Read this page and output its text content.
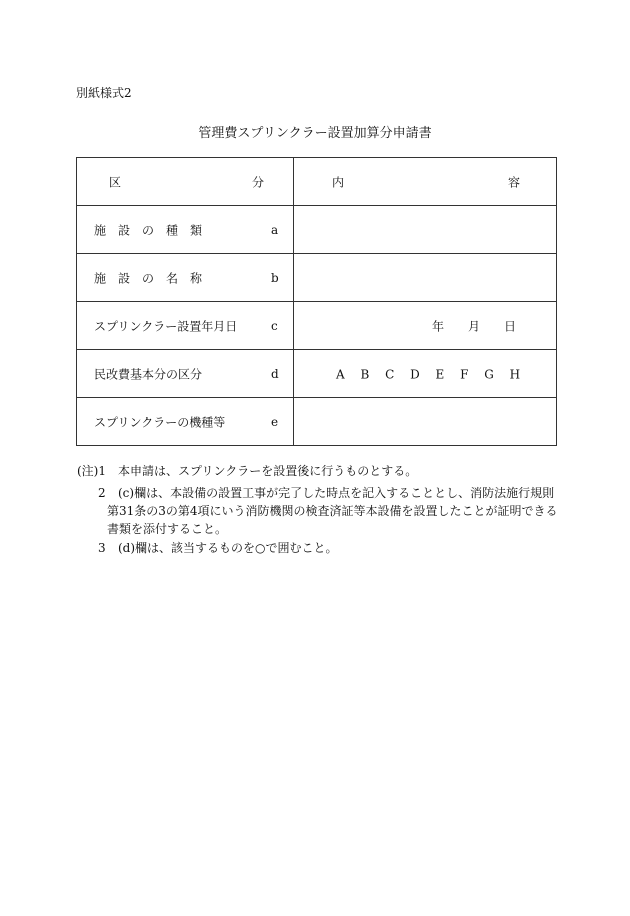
別紙様式2
管理費スプリンクラー設置加算分申請書
区 分	内 容

施　設　の　種　類 a	

施　設　の　名　称 b	

スプリンクラー設置年月日 c	年　　月　　日

民改費基本分の区分 d	A　 B　 C　 D　 E　 F　 G　 H

スプリンクラーの機種等 e	

(注)1 本申請は、スプリンクラーを設置後に行うものとする。
2 (c)欄は、本設備の設置工事が完了した時点を記入することとし、消防法施行規則
第31条の3の第4項にいう消防機関の検査済証等本設備を設置したことが証明できる
書類を添付すること。
3 (d)欄は、該当するものを○で囲むこと。
